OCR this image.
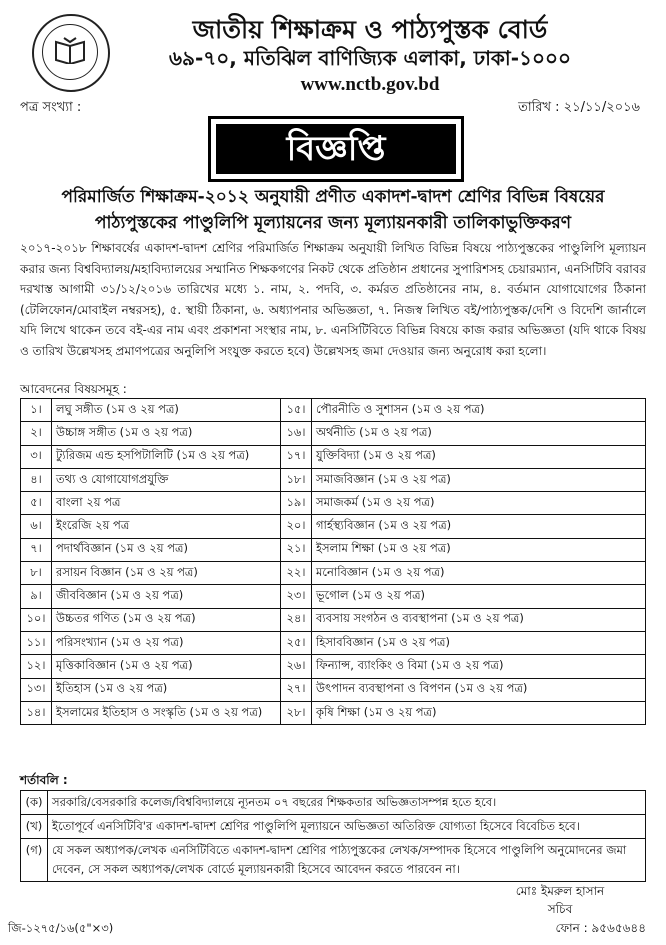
জাতীয় শিক্ষাক্রম ও পাঠ্যপুস্তক বোর্ড
৬৯-৭০, মতিঝিল বাণিজ্যিক এলাকা, ঢাকা-১০০০
www.nctb.gov.bd
পত্র সংখ্যা :	তারিখ : ২১/১১/২০১৬
বিজ্ঞপ্তি
পরিমার্জিত শিক্ষাক্রম-২০১২ অনুযায়ী প্রণীত একাদশ-দ্বাদশ শ্রেণির বিভিন্ন বিষয়ের
পাঠ্যপুস্তকের পাণ্ডুলিপি মূল্যায়নের জন্য মূল্যায়নকারী তালিকাভুক্তিকরণ
২০১৭-২০১৮ শিক্ষাবর্ষের একাদশ-দ্বাদশ শ্রেণির পরিমার্জিত শিক্ষাক্রম অনুযায়ী লিখিত বিভিন্ন বিষয়ে পাঠ্যপুস্তকের পাণ্ডুলিপি মূল্যায়ন করার জন্য বিশ্ববিদ্যালয়/মহাবিদ্যালয়ের সম্মানিত শিক্ষকগণের নিকট থেকে প্রতিষ্ঠান প্রধানের সুপারিশসহ চেয়ারম্যান, এনসিটিবি বরাবর দরখাস্ত আগামী ৩১/১২/২০১৬ তারিখের মধ্যে ১. নাম, ২. পদবি, ৩. কর্মরত প্রতিষ্ঠানের নাম, ৪. বর্তমান যোগাযোগের ঠিকানা (টেলিফোন/মোবাইল নম্বরসহ), ৫. স্থায়ী ঠিকানা, ৬. অধ্যাপনার অভিজ্ঞতা, ৭. নিজস্ব লিখিত বই/পাঠ্যপুস্তক/দেশি ও বিদেশি জার্নালে যদি লিখে থাকেন তবে বই-এর নাম এবং প্রকাশনা সংস্থার নাম, ৮. এনসিটিবিতে বিভিন্ন বিষয়ে কাজ করার অভিজ্ঞতা (যদি থাকে বিষয় ও তারিখ উল্লেখসহ প্রমাণপত্রের অনুলিপি সংযুক্ত করতে হবে) উল্লেখসহ জমা দেওয়ার জন্য অনুরোধ করা হলো।
আবেদনের বিষয়সমূহ :
১।	লঘু সঙ্গীত (১ম ও ২য় পত্র)	১৫।	পৌরনীতি ও সুশাসন (১ম ও ২য় পত্র)
২।	উচ্চাঙ্গ সঙ্গীত (১ম ও ২য় পত্র)	১৬।	অর্থনীতি (১ম ও ২য় পত্র)
৩।	ট্যুরিজম এন্ড হসপিটালিটি (১ম ও ২য় পত্র)	১৭।	যুক্তিবিদ্যা (১ম ও ২য় পত্র)
৪।	তথ্য ও যোগাযোগপ্রযুক্তি	১৮।	সমাজবিজ্ঞান (১ম ও ২য় পত্র)
৫।	বাংলা ২য় পত্র	১৯।	সমাজকর্ম (১ম ও ২য় পত্র)
৬।	ইংরেজি ২য় পত্র	২০।	গার্হস্থ্যবিজ্ঞান (১ম ও ২য় পত্র)
৭।	পদার্থবিজ্ঞান (১ম ও ২য় পত্র)	২১।	ইসলাম শিক্ষা (১ম ও ২য় পত্র)
৮।	রসায়ন বিজ্ঞান (১ম ও ২য় পত্র)	২২।	মনোবিজ্ঞান (১ম ও ২য় পত্র)
৯।	জীববিজ্ঞান (১ম ও ২য় পত্র)	২৩।	ভূগোল (১ম ও ২য় পত্র)
১০।	উচ্চতর গণিত (১ম ও ২য় পত্র)	২৪।	ব্যবসায় সংগঠন ও ব্যবস্থাপনা (১ম ও ২য় পত্র)
১১।	পরিসংখ্যান (১ম ও ২য় পত্র)	২৫।	হিসাববিজ্ঞান (১ম ও ২য় পত্র)
১২।	মৃত্তিকাবিজ্ঞান (১ম ও ২য় পত্র)	২৬।	ফিন্যান্স, ব্যাংকিং ও বিমা (১ম ও ২য় পত্র)
১৩।	ইতিহাস (১ম ও ২য় পত্র)	২৭।	উৎপাদন ব্যবস্থাপনা ও বিপণন (১ম ও ২য় পত্র)
১৪।	ইসলামের ইতিহাস ও সংস্কৃতি (১ম ও ২য় পত্র)	২৮।	কৃষি শিক্ষা (১ম ও ২য় পত্র)
শর্তাবলি :
(ক)	সরকারি/বেসরকারি কলেজ/বিশ্ববিদ্যালয়ে ন্যূনতম ০৭ বছরের শিক্ষকতার অভিজ্ঞতাসম্পন্ন হতে হবে।
(খ)	ইতোপূর্বে এনসিটিবি'র একাদশ-দ্বাদশ শ্রেণির পাণ্ডুলিপি মূল্যায়নে অভিজ্ঞতা অতিরিক্ত যোগ্যতা হিসেবে বিবেচিত হবে।
(গ)	যে সকল অধ্যাপক/লেখক এনসিটিবিতে একাদশ-দ্বাদশ শ্রেণির পাঠ্যপুস্তকের লেখক/সম্পাদক হিসেবে পাণ্ডুলিপি অনুমোদনের জমা দেবেন, সে সকল অধ্যাপক/লেখক বোর্ডে মূল্যায়নকারী হিসেবে আবেদন করতে পারবেন না।
মোঃ ইমরুল হাসান
সচিব
জি-১২৭৫/১৬(৫"×৩)	ফোন : ৯৫৬৫৬৪৪
